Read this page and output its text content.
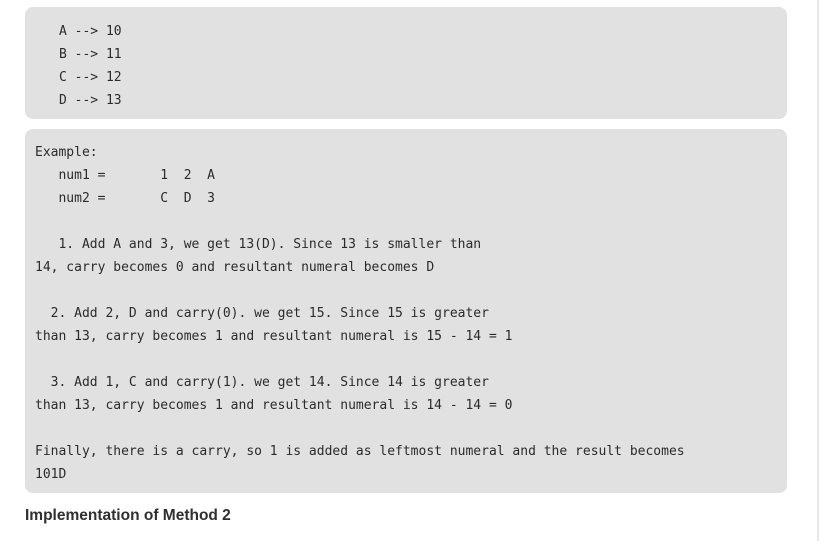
A --> 10
B --> 11
C --> 12
D --> 13
Example:
num1 =       1  2  A
num2 =       C  D  3
1. Add A and 3, we get 13(D). Since 13 is smaller than
14, carry becomes 0 and resultant numeral becomes D
2. Add 2, D and carry(0). we get 15. Since 15 is greater
than 13, carry becomes 1 and resultant numeral is 15 - 14 = 1
3. Add 1, C and carry(1). we get 14. Since 14 is greater
than 13, carry becomes 1 and resultant numeral is 14 - 14 = 0
Finally, there is a carry, so 1 is added as leftmost numeral and the result becomes
101D
Implementation of Method 2
